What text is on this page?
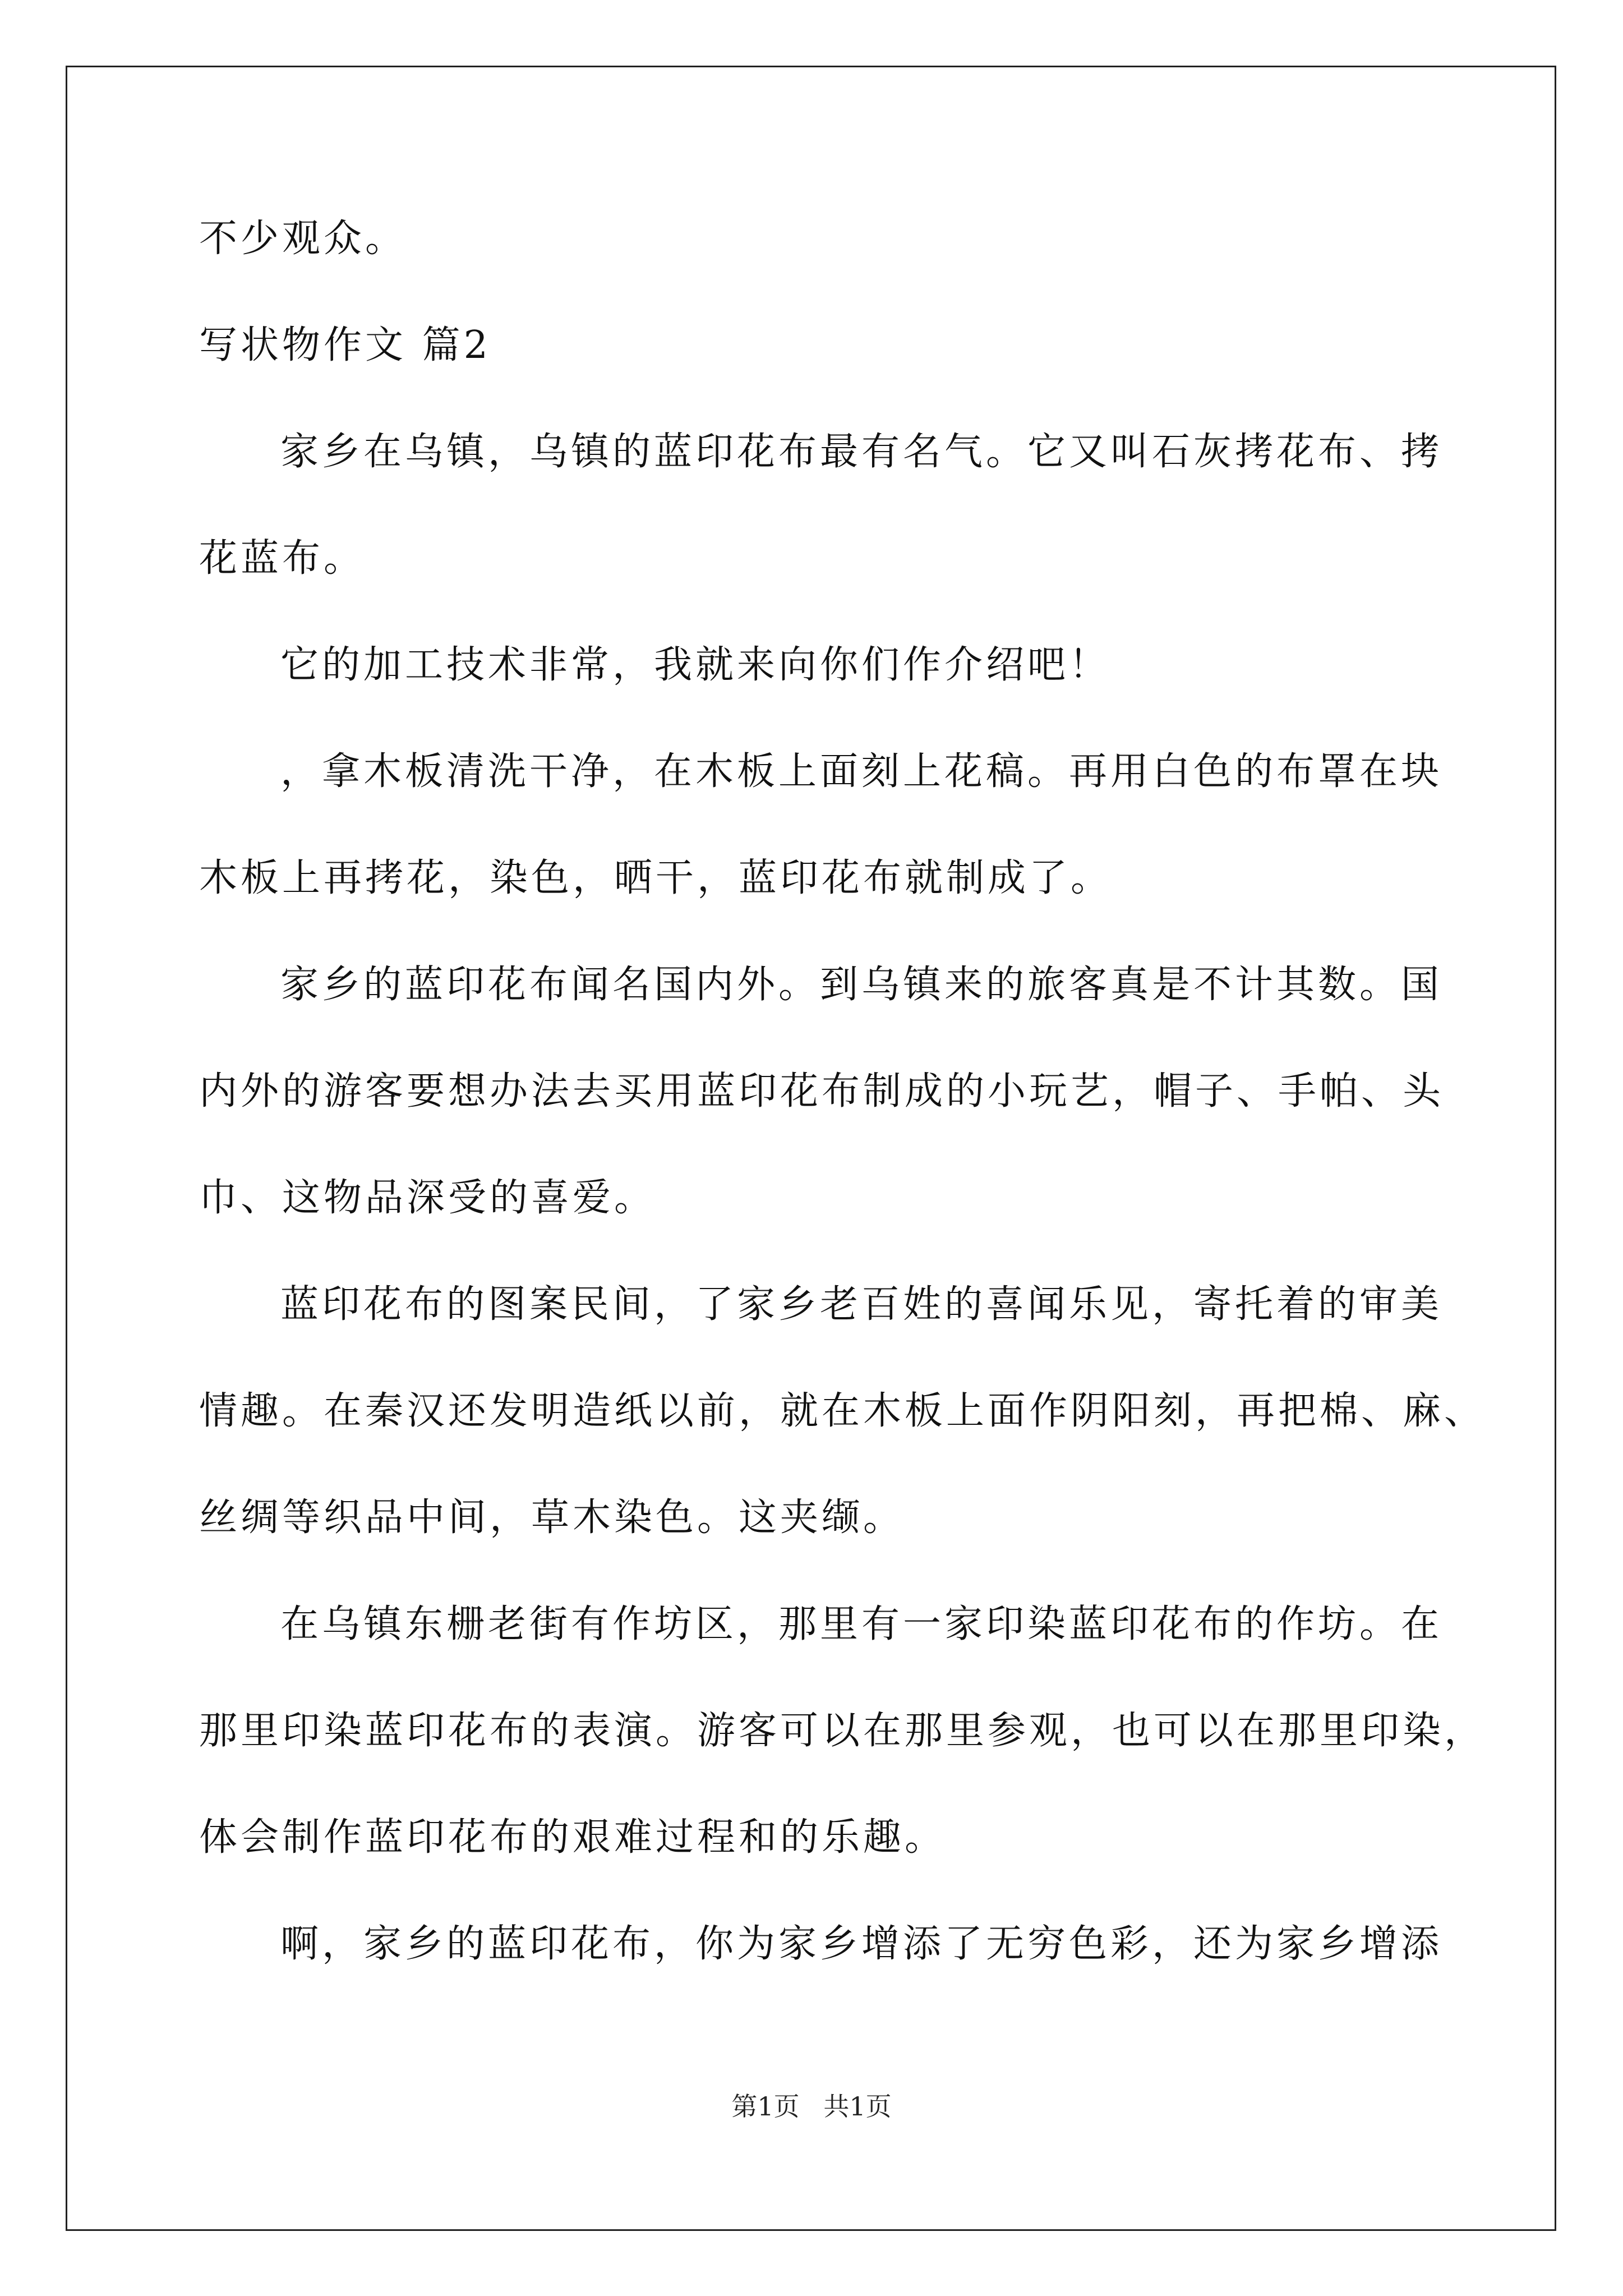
不少观众。
写状物作文 篇2
家乡在乌镇，乌镇的蓝印花布最有名气。它又叫石灰拷花布、拷
花蓝布。
它的加工技术非常，我就来向你们作介绍吧！
，拿木板清洗干净，在木板上面刻上花稿。再用白色的布罩在块
木板上再拷花，染色，晒干，蓝印花布就制成了。
家乡的蓝印花布闻名国内外。到乌镇来的旅客真是不计其数。国
内外的游客要想办法去买用蓝印花布制成的小玩艺，帽子、手帕、头
巾、这物品深受的喜爱。
蓝印花布的图案民间，了家乡老百姓的喜闻乐见，寄托着的审美
情趣。在秦汉还发明造纸以前，就在木板上面作阴阳刻，再把棉、麻、
丝绸等织品中间，草木染色。这夹缬。
在乌镇东栅老街有作坊区，那里有一家印染蓝印花布的作坊。在
那里印染蓝印花布的表演。游客可以在那里参观，也可以在那里印染，
体会制作蓝印花布的艰难过程和的乐趣。
啊，家乡的蓝印花布，你为家乡增添了无穷色彩，还为家乡增添
第1页 共1页
